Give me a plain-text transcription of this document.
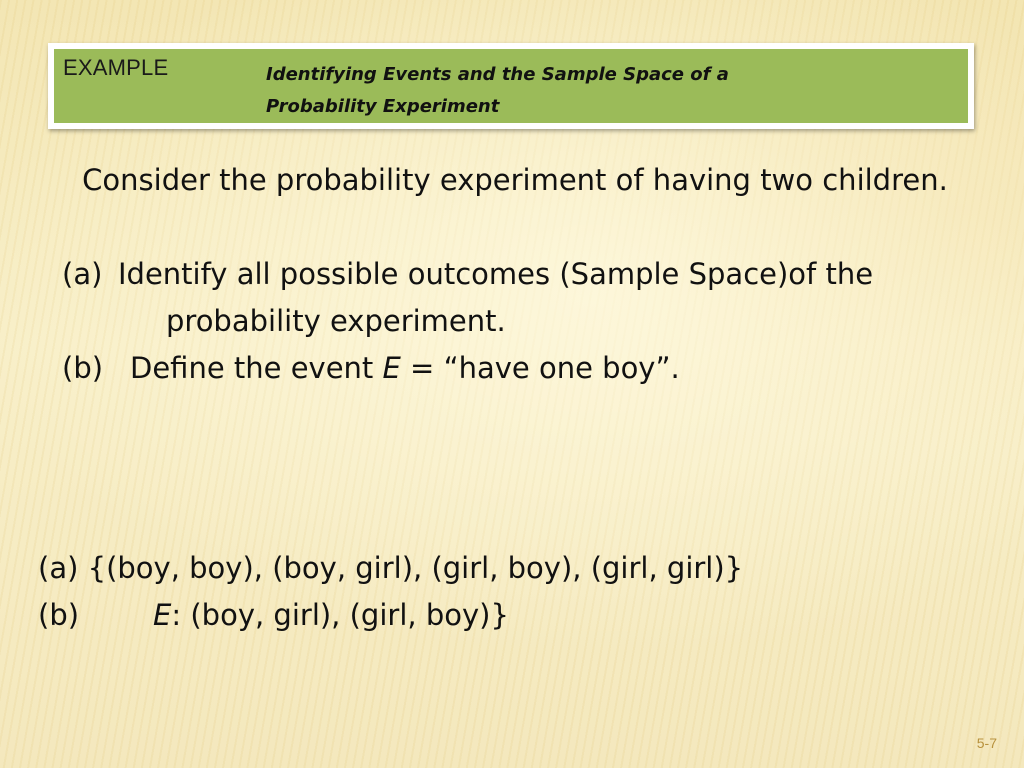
EXAMPLE	Identifying Events and the Sample Space of a Probability Experiment
Consider the probability experiment of having two children.
(a) Identify all possible outcomes (Sample Space)of the
probability experiment.
(b) Define the event E = “have one boy”.
(a) {(boy, boy), (boy, girl), (girl, boy), (girl, girl)}
(b)	E: (boy, girl), (girl, boy)}
5-7
